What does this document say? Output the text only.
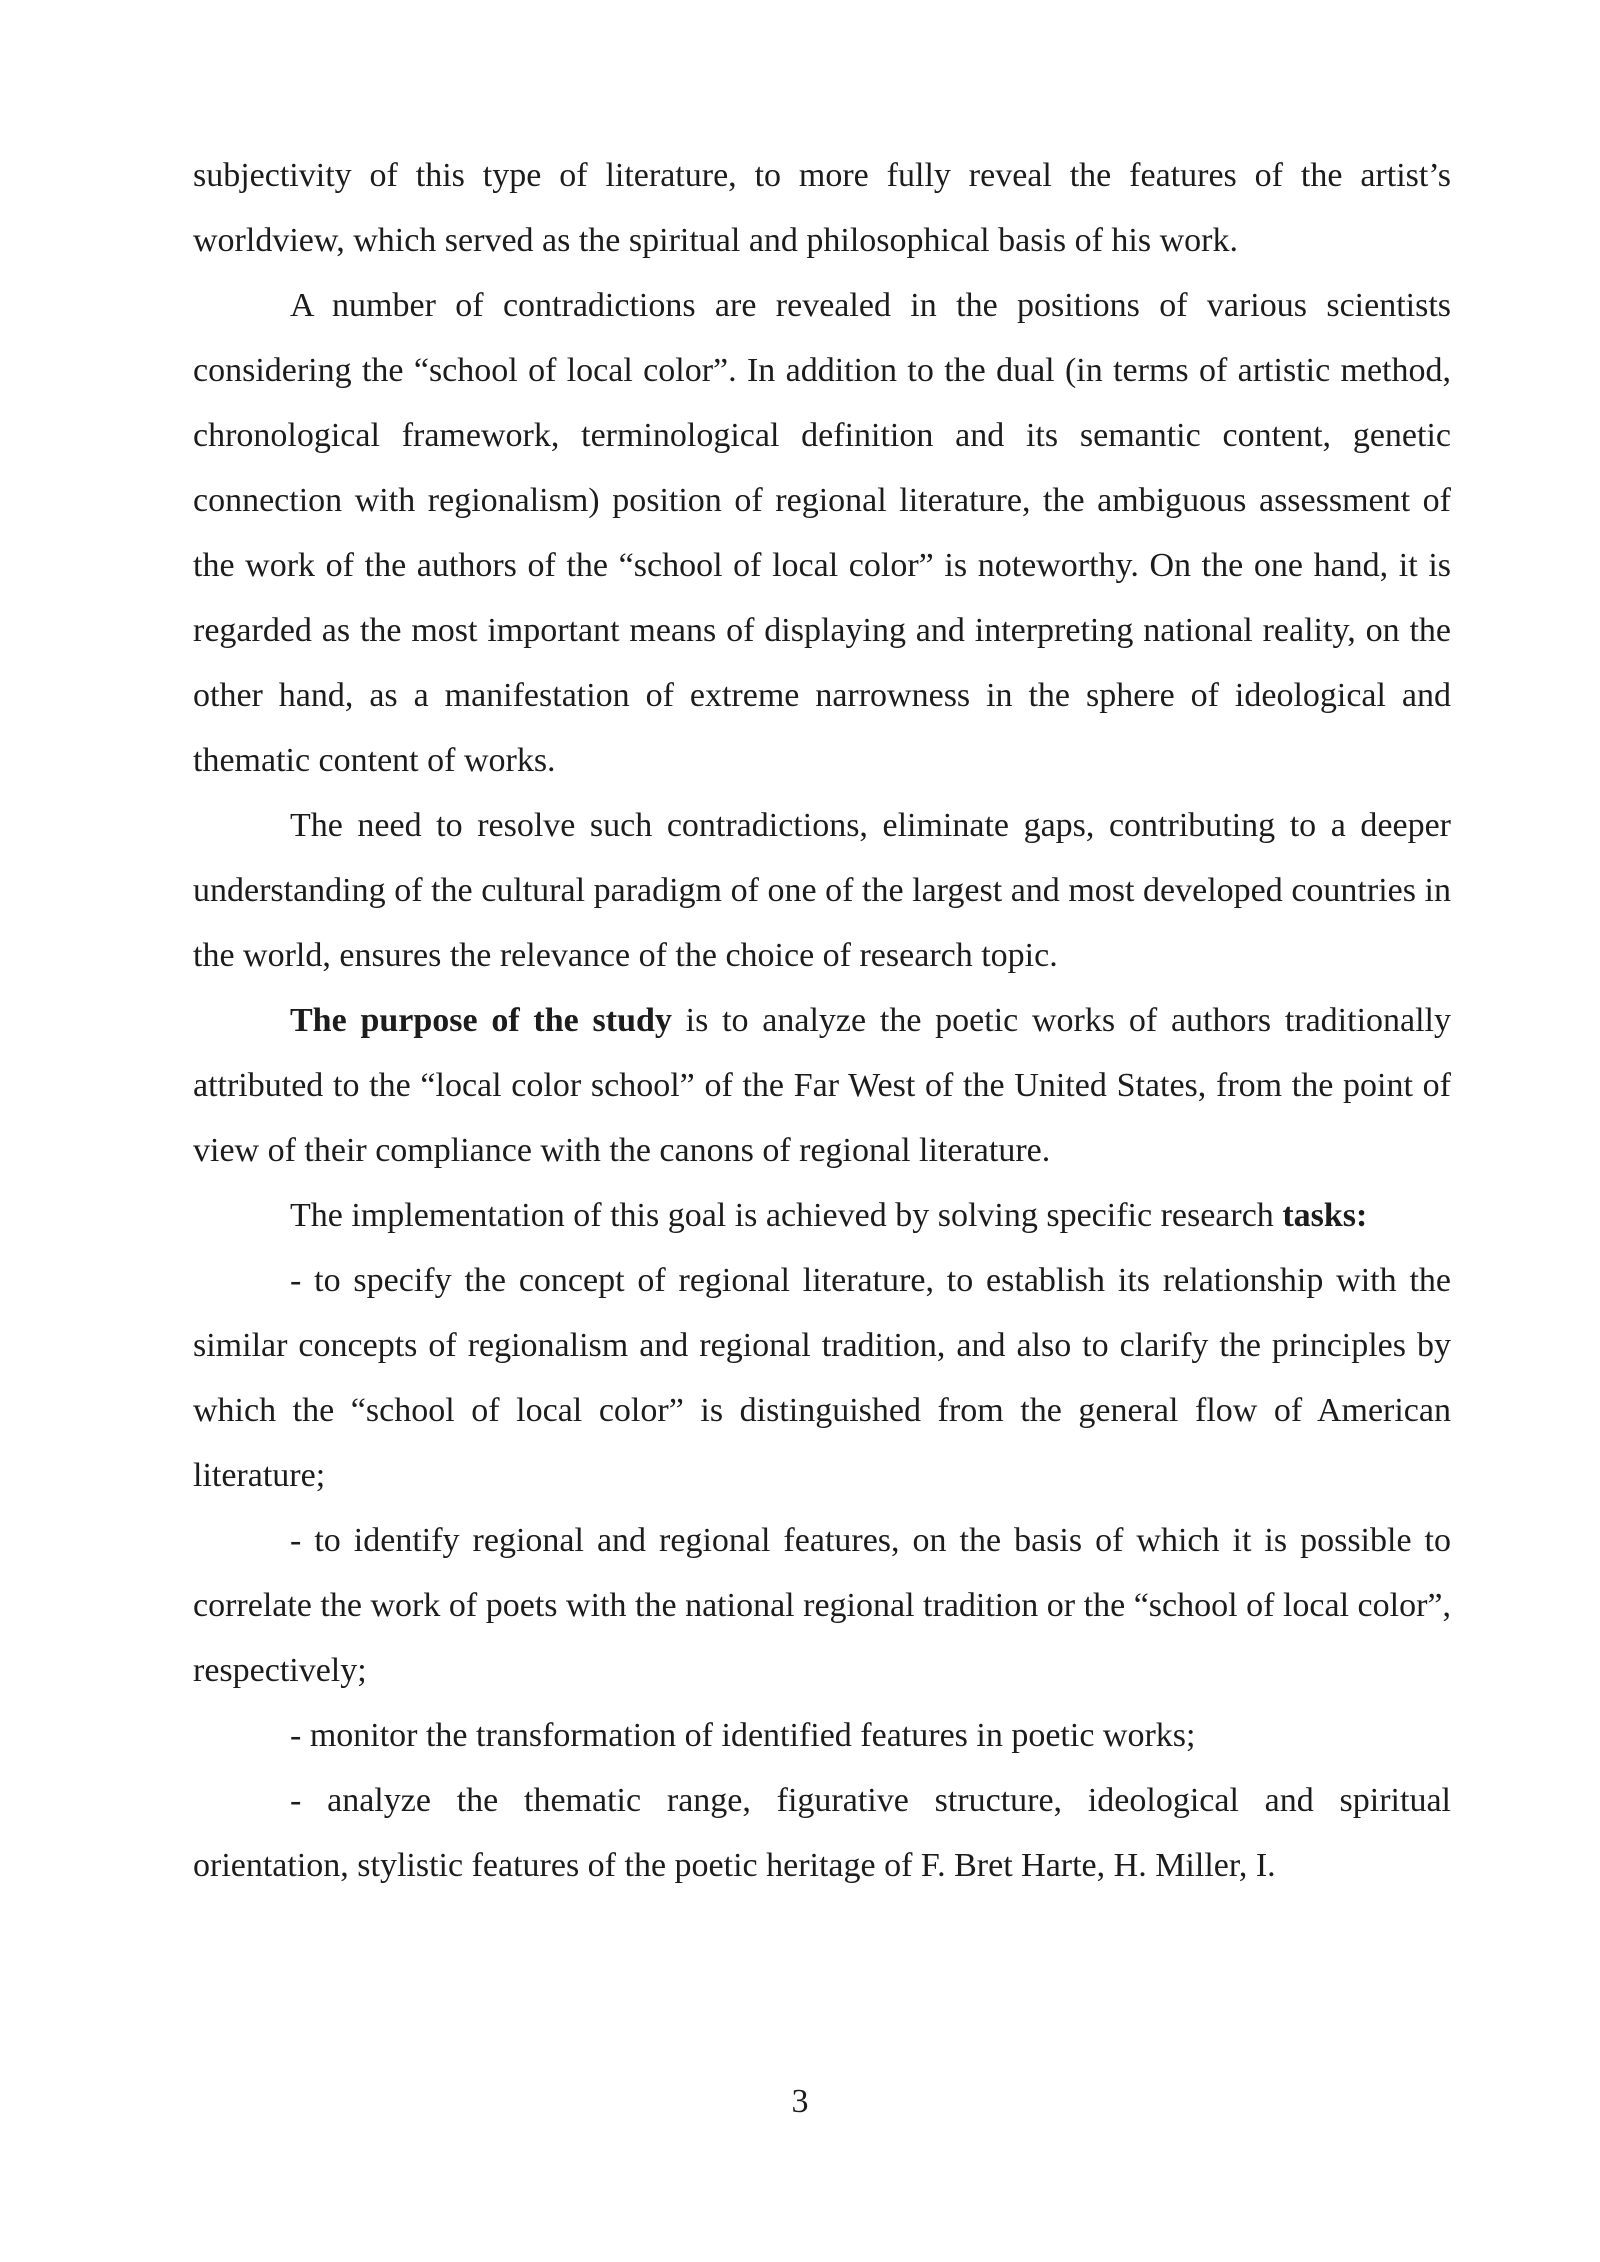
subjectivity of this type of literature, to more fully reveal the features of the artist’s worldview, which served as the spiritual and philosophical basis of his work.

A number of contradictions are revealed in the positions of various scientists considering the “school of local color”. In addition to the dual (in terms of artistic method, chronological framework, terminological definition and its semantic content, genetic connection with regionalism) position of regional literature, the ambiguous assessment of the work of the authors of the “school of local color” is noteworthy. On the one hand, it is regarded as the most important means of displaying and interpreting national reality, on the other hand, as a manifestation of extreme narrowness in the sphere of ideological and thematic content of works.

The need to resolve such contradictions, eliminate gaps, contributing to a deeper understanding of the cultural paradigm of one of the largest and most developed countries in the world, ensures the relevance of the choice of research topic.

The purpose of the study is to analyze the poetic works of authors traditionally attributed to the “local color school” of the Far West of the United States, from the point of view of their compliance with the canons of regional literature.

The implementation of this goal is achieved by solving specific research tasks:

- to specify the concept of regional literature, to establish its relationship with the similar concepts of regionalism and regional tradition, and also to clarify the principles by which the “school of local color” is distinguished from the general flow of American literature;

- to identify regional and regional features, on the basis of which it is possible to correlate the work of poets with the national regional tradition or the “school of local color”, respectively;

- monitor the transformation of identified features in poetic works;

- analyze the thematic range, figurative structure, ideological and spiritual orientation, stylistic features of the poetic heritage of F. Bret Harte, H. Miller, I.

3
